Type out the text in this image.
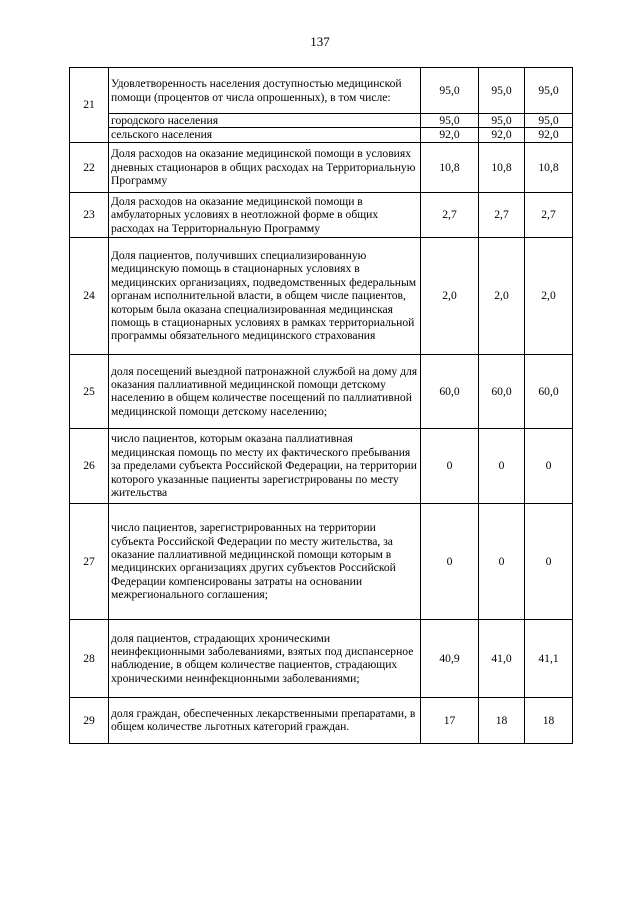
137
21	Удовлетворенность населения доступностью медицинской помощи (процентов от числа опрошенных), в том числе:	95,0	95,0	95,0
	городского населения	95,0	95,0	95,0
	сельского населения	92,0	92,0	92,0
22	Доля расходов на оказание медицинской помощи в условиях дневных стационаров в общих расходах на Территориальную Программу	10,8	10,8	10,8
23	Доля расходов на оказание медицинской помощи в амбулаторных условиях в неотложной форме в общих расходах на Территориальную Программу	2,7	2,7	2,7
24	Доля пациентов, получивших специализированную медицинскую помощь в стационарных условиях в медицинских организациях, подведомственных федеральным органам исполнительной власти, в общем числе пациентов, которым была оказана специализированная медицинская помощь в стационарных условиях в рамках территориальной программы обязательного медицинского страхования	2,0	2,0	2,0
25	доля посещений выездной патронажной службой на дому для оказания паллиативной медицинской помощи детскому населению в общем количестве посещений по паллиативной медицинской помощи детскому населению;	60,0	60,0	60,0
26	число пациентов, которым оказана паллиативная медицинская помощь по месту их фактического пребывания за пределами субъекта Российской Федерации, на территории которого указанные пациенты зарегистрированы по месту жительства	0	0	0
27	число пациентов, зарегистрированных на территории субъекта Российской Федерации по месту жительства, за оказание паллиативной медицинской помощи которым в медицинских организациях других субъектов Российской Федерации компенсированы затраты на основании межрегионального соглашения;	0	0	0
28	доля пациентов, страдающих хроническими неинфекционными заболеваниями, взятых под диспансерное наблюдение, в общем количестве пациентов, страдающих хроническими неинфекционными заболеваниями;	40,9	41,0	41,1
29	доля граждан, обеспеченных лекарственными препаратами, в общем количестве льготных категорий граждан.	17	18	18
